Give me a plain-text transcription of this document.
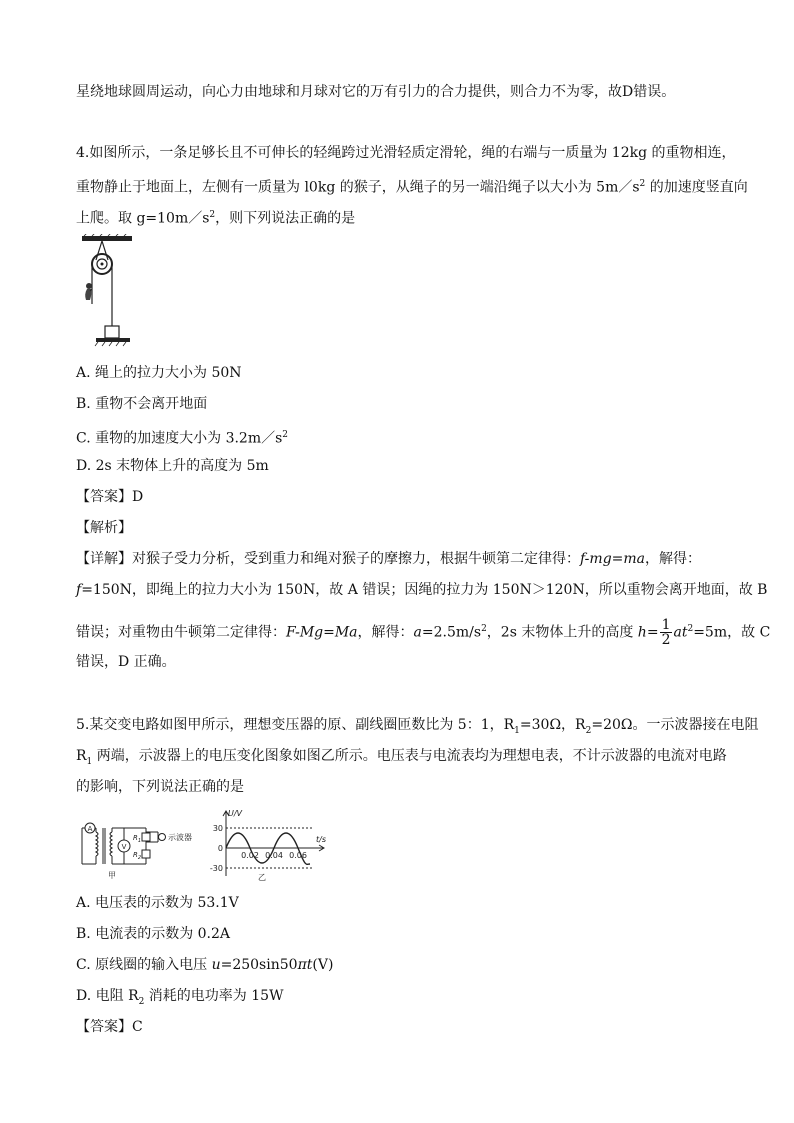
星绕地球圆周运动，向心力由地球和月球对它的万有引力的合力提供，则合力不为零，故D错误。
4.如图所示，一条足够长且不可伸长的轻绳跨过光滑轻质定滑轮，绳的右端与一质量为 12kg 的重物相连，
重物静止于地面上，左侧有一质量为 l0kg 的猴子，从绳子的另一端沿绳子以大小为 $5m/s^2$ 的加速度竖直向
上爬。取 $g=10m/s^2$，则下列说法正确的是
A. 绳上的拉力大小为 50N
B. 重物不会离开地面
C. 重物的加速度大小为 $3.2m/s^2$
D. 2s 末物体上升的高度为 5m
【答案】D
【解析】
【详解】对猴子受力分析，受到重力和绳对猴子的摩擦力，根据牛顿第二定律得：f-mg=ma，解得：
f=150N，即绳上的拉力大小为 150N，故 A 错误；因绳的拉力为 150N＞120N，所以重物会离开地面，故 B
错误；对重物由牛顿第二定律得：F-Mg=Ma，解得：$a=2.5m/s^2$，2s 末物体上升的高度 $h= \frac{1}{2} at^2=5m$，故 C
错误，D 正确。
5.某交变电路如图甲所示，理想变压器的原、副线圈匝数比为 5：1，$R_1=30\Omega$，$R_2=20\Omega$。一示波器接在电阻
$R_1$ 两端，示波器上的电压变化图象如图乙所示。电压表与电流表均为理想电表，不计示波器的电流对电路
的影响，下列说法正确的是
A
V
$R_1$
$R_2$
示波器
甲
U/V
t/s
30
0
-30
0.02 0.04 0.06
乙
A. 电压表的示数为 53.1V
B. 电流表的示数为 0.2A
C. 原线圈的输入电压 u=250sin50πt(V)
D. 电阻 $R_2$ 消耗的电功率为 15W
【答案】C
